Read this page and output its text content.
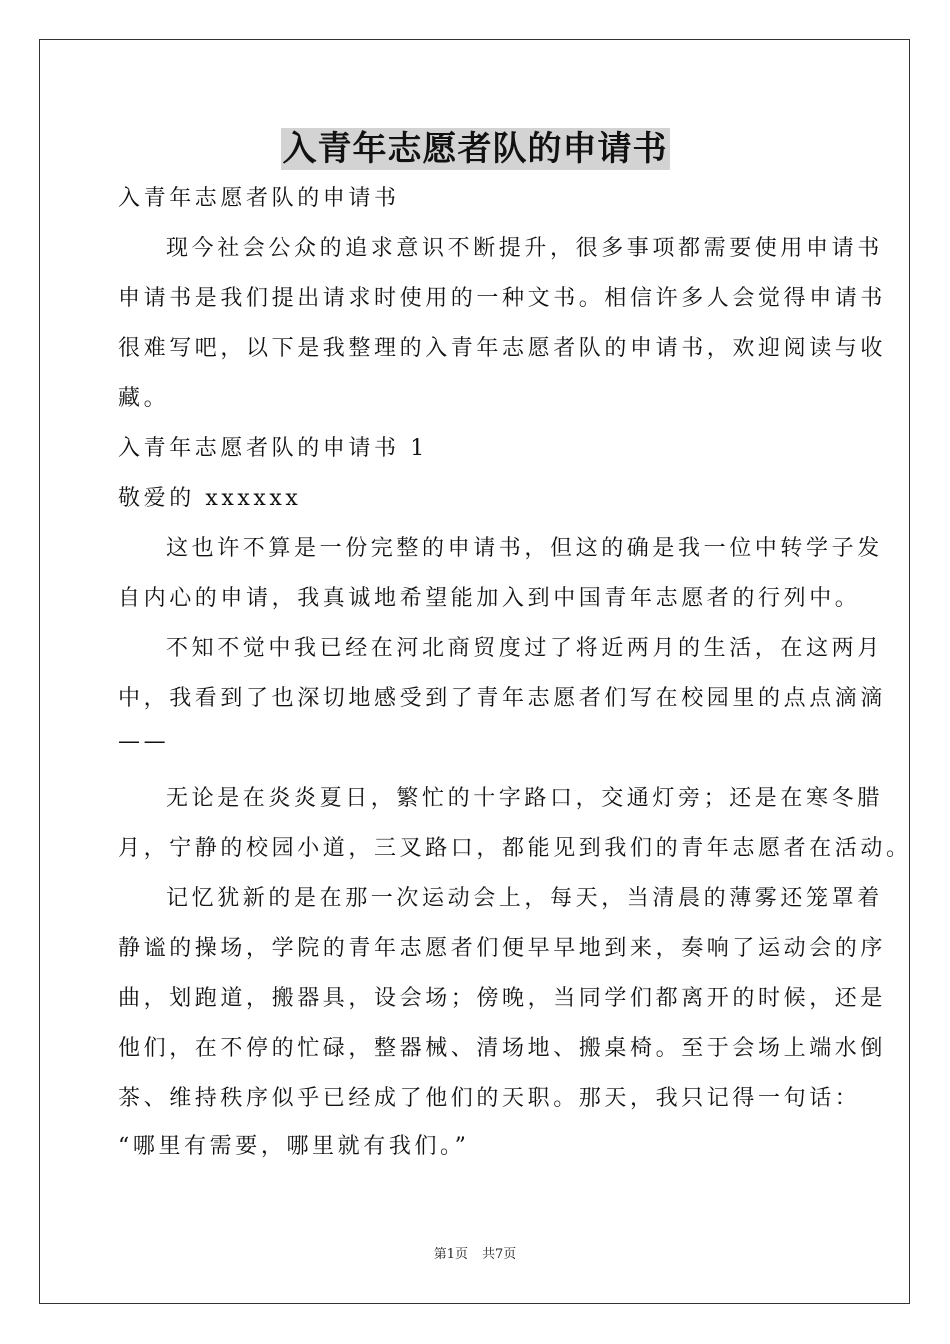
入青年志愿者队的申请书
入青年志愿者队的申请书
现今社会公众的追求意识不断提升，很多事项都需要使用申请书
申请书是我们提出请求时使用的一种文书。相信许多人会觉得申请书
很难写吧，以下是我整理的入青年志愿者队的申请书，欢迎阅读与收
藏。
入青年志愿者队的申请书 1
敬爱的 xxxxxx
这也许不算是一份完整的申请书，但这的确是我一位中转学子发
自内心的申请，我真诚地希望能加入到中国青年志愿者的行列中。
不知不觉中我已经在河北商贸度过了将近两月的生活，在这两月
中，我看到了也深切地感受到了青年志愿者们写在校园里的点点滴滴
——
无论是在炎炎夏日，繁忙的十字路口，交通灯旁；还是在寒冬腊
月，宁静的校园小道，三叉路口，都能见到我们的青年志愿者在活动。
记忆犹新的是在那一次运动会上，每天，当清晨的薄雾还笼罩着
静谧的操场，学院的青年志愿者们便早早地到来，奏响了运动会的序
曲，划跑道，搬器具，设会场；傍晚，当同学们都离开的时候，还是
他们，在不停的忙碌，整器械、清场地、搬桌椅。至于会场上端水倒
茶、维持秩序似乎已经成了他们的天职。那天，我只记得一句话：
“哪里有需要，哪里就有我们。”
第1页 共7页
